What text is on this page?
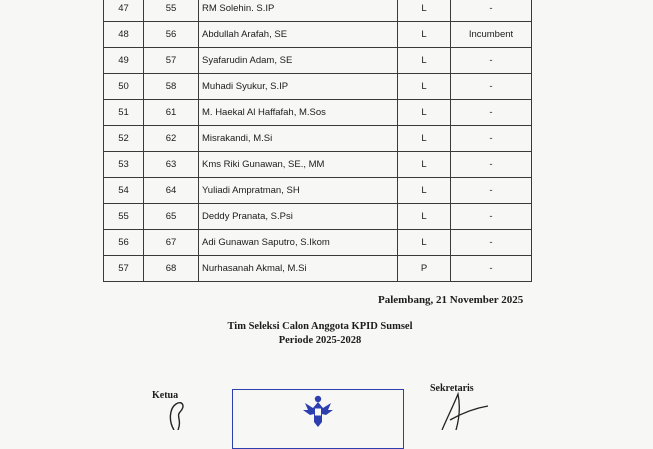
47	55	RM Solehin. S.IP	L	-
48	56	Abdullah Arafah, SE	L	Incumbent
49	57	Syafarudin Adam, SE	L	-
50	58	Muhadi Syukur, S.IP	L	-
51	61	M. Haekal Al Haffafah, M.Sos	L	-
52	62	Misrakandi, M.Si	L	-
53	63	Kms Riki Gunawan, SE., MM	L	-
54	64	Yuliadi Ampratman, SH	L	-
55	65	Deddy Pranata, S.Psi	L	-
56	67	Adi Gunawan Saputro, S.Ikom	L	-
57	68	Nurhasanah Akmal, M.Si	P	-
Palembang, 21 November 2025
Tim Seleksi Calon Anggota KPID Sumsel
Periode 2025-2028
Ketua
Sekretaris
